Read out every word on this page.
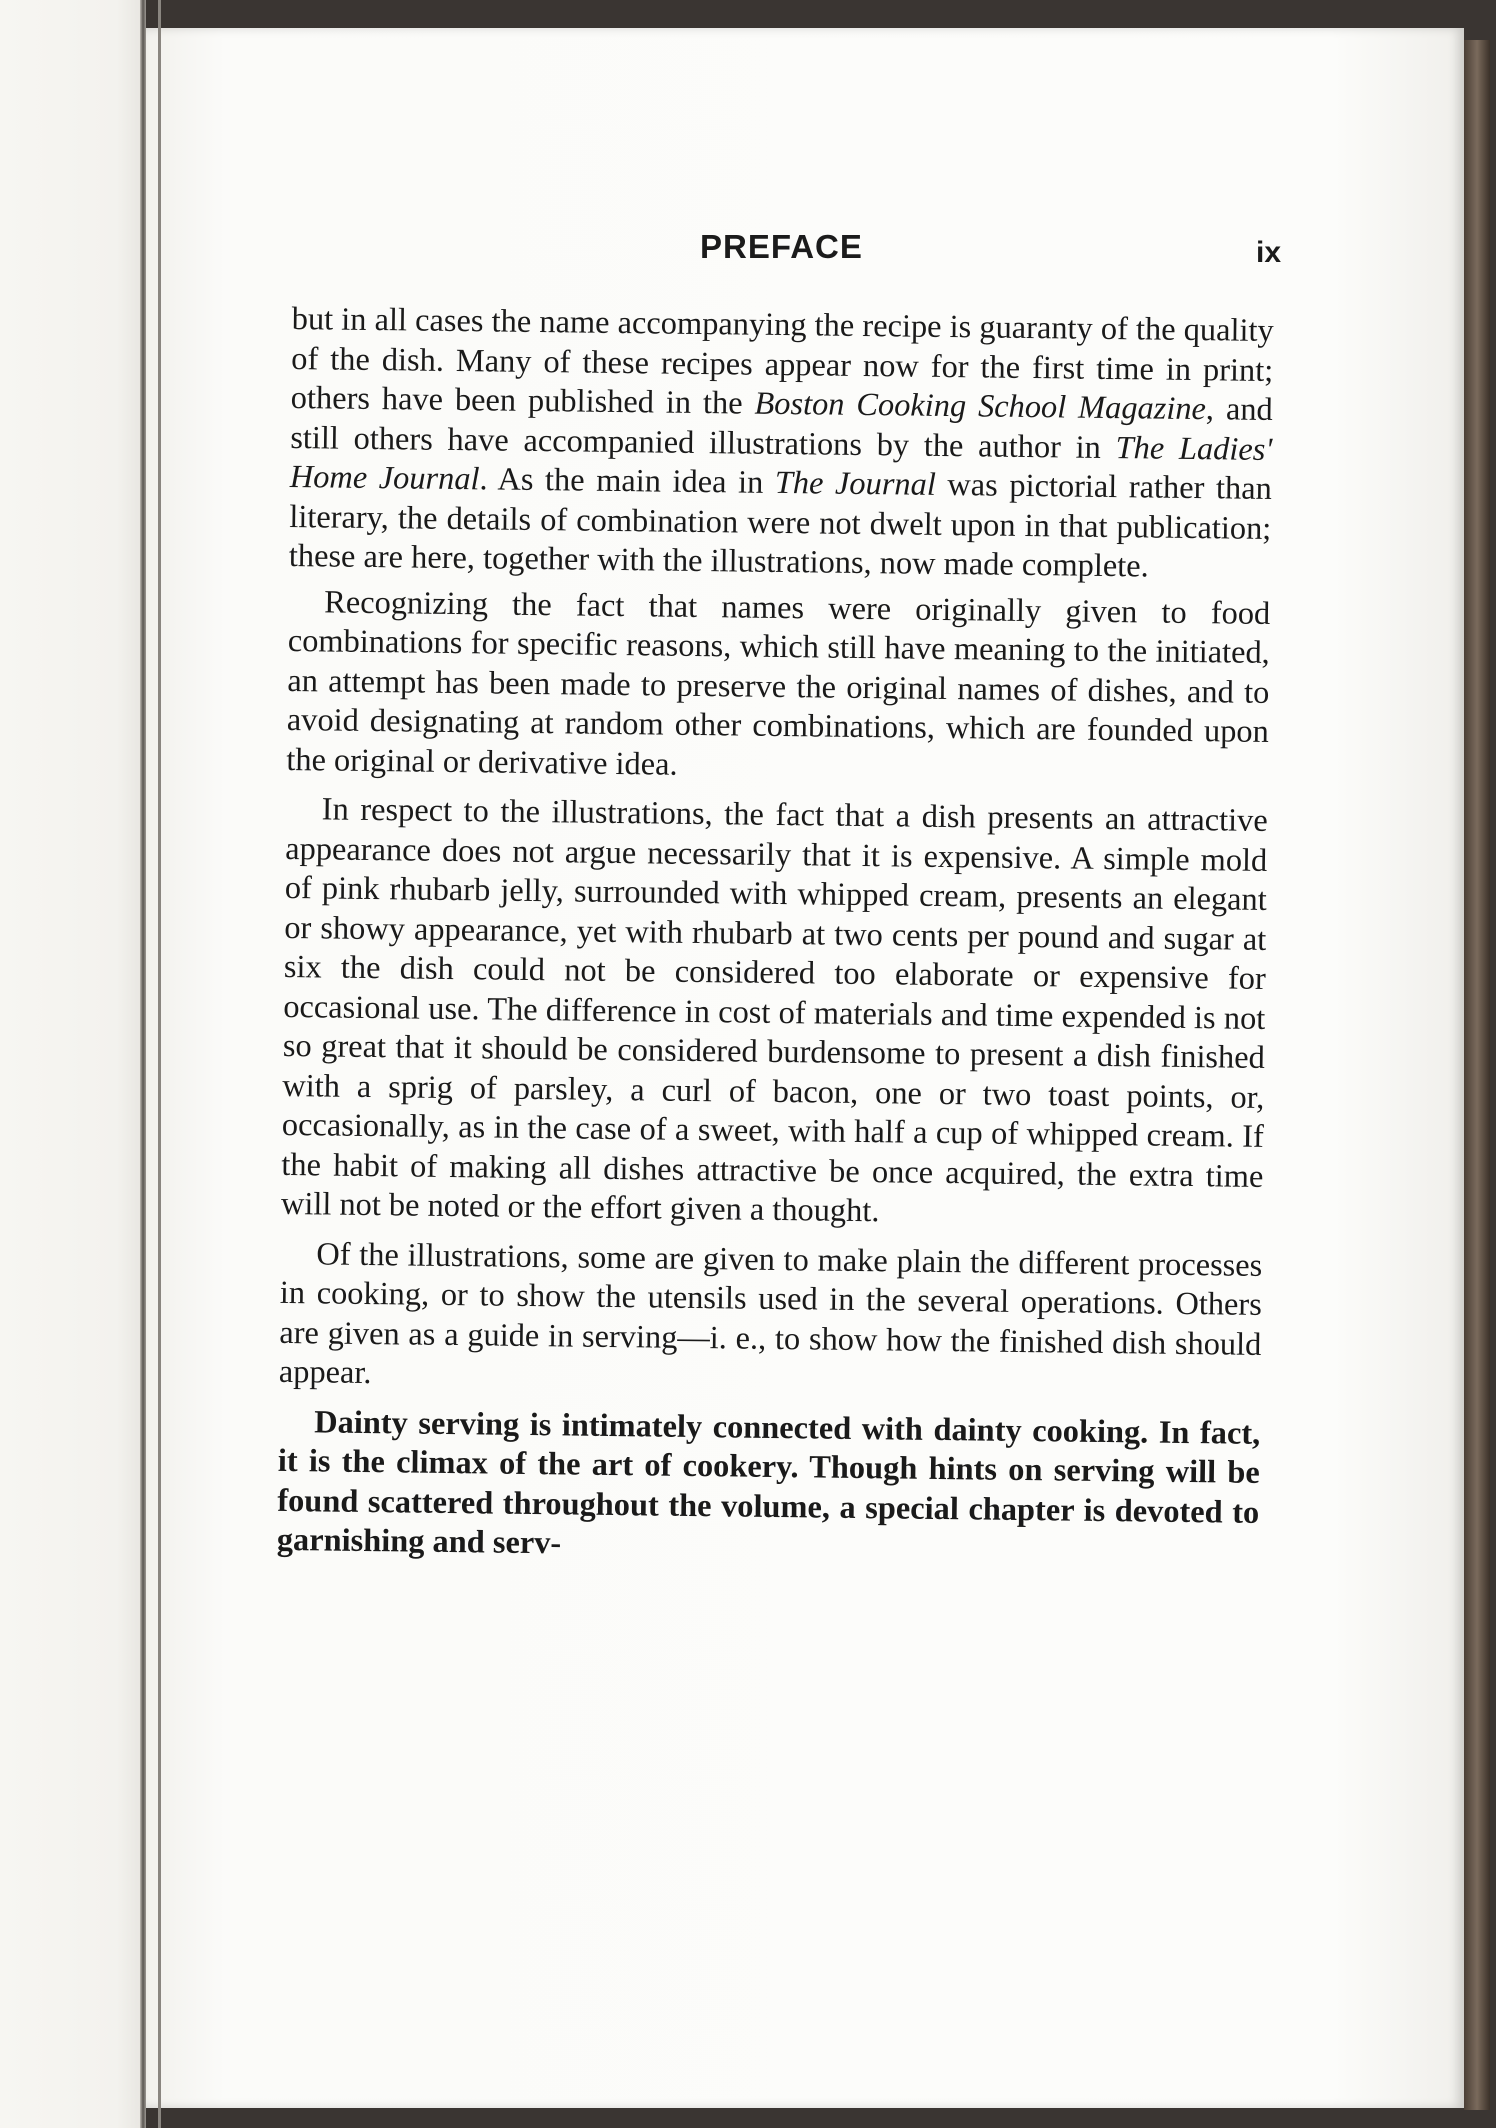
PREFACE	ix

but in all cases the name accompanying the recipe is guaranty of the quality of the dish. Many of these recipes appear now for the first time in print; others have been published in the Boston Cooking School Magazine, and still others have accompanied illustrations by the author in The Ladies' Home Journal. As the main idea in The Journal was pictorial rather than literary, the details of combination were not dwelt upon in that publication; these are here, together with the illustrations, now made complete.

Recognizing the fact that names were originally given to food combinations for specific reasons, which still have meaning to the initiated, an attempt has been made to preserve the original names of dishes, and to avoid designating at random other combinations, which are founded upon the original or derivative idea.

In respect to the illustrations, the fact that a dish presents an attractive appearance does not argue necessarily that it is expensive. A simple mold of pink rhubarb jelly, surrounded with whipped cream, presents an elegant or showy appearance, yet with rhubarb at two cents per pound and sugar at six the dish could not be considered too elaborate or expensive for occasional use. The difference in cost of materials and time expended is not so great that it should be considered burdensome to present a dish finished with a sprig of parsley, a curl of bacon, one or two toast points, or, occasionally, as in the case of a sweet, with half a cup of whipped cream. If the habit of making all dishes attractive be once acquired, the extra time will not be noted or the effort given a thought.

Of the illustrations, some are given to make plain the different processes in cooking, or to show the utensils used in the several operations. Others are given as a guide in serving—i. e., to show how the finished dish should appear.

Dainty serving is intimately connected with dainty cooking. In fact, it is the climax of the art of cookery. Though hints on serving will be found scattered throughout the volume, a special chapter is devoted to garnishing and serv-
